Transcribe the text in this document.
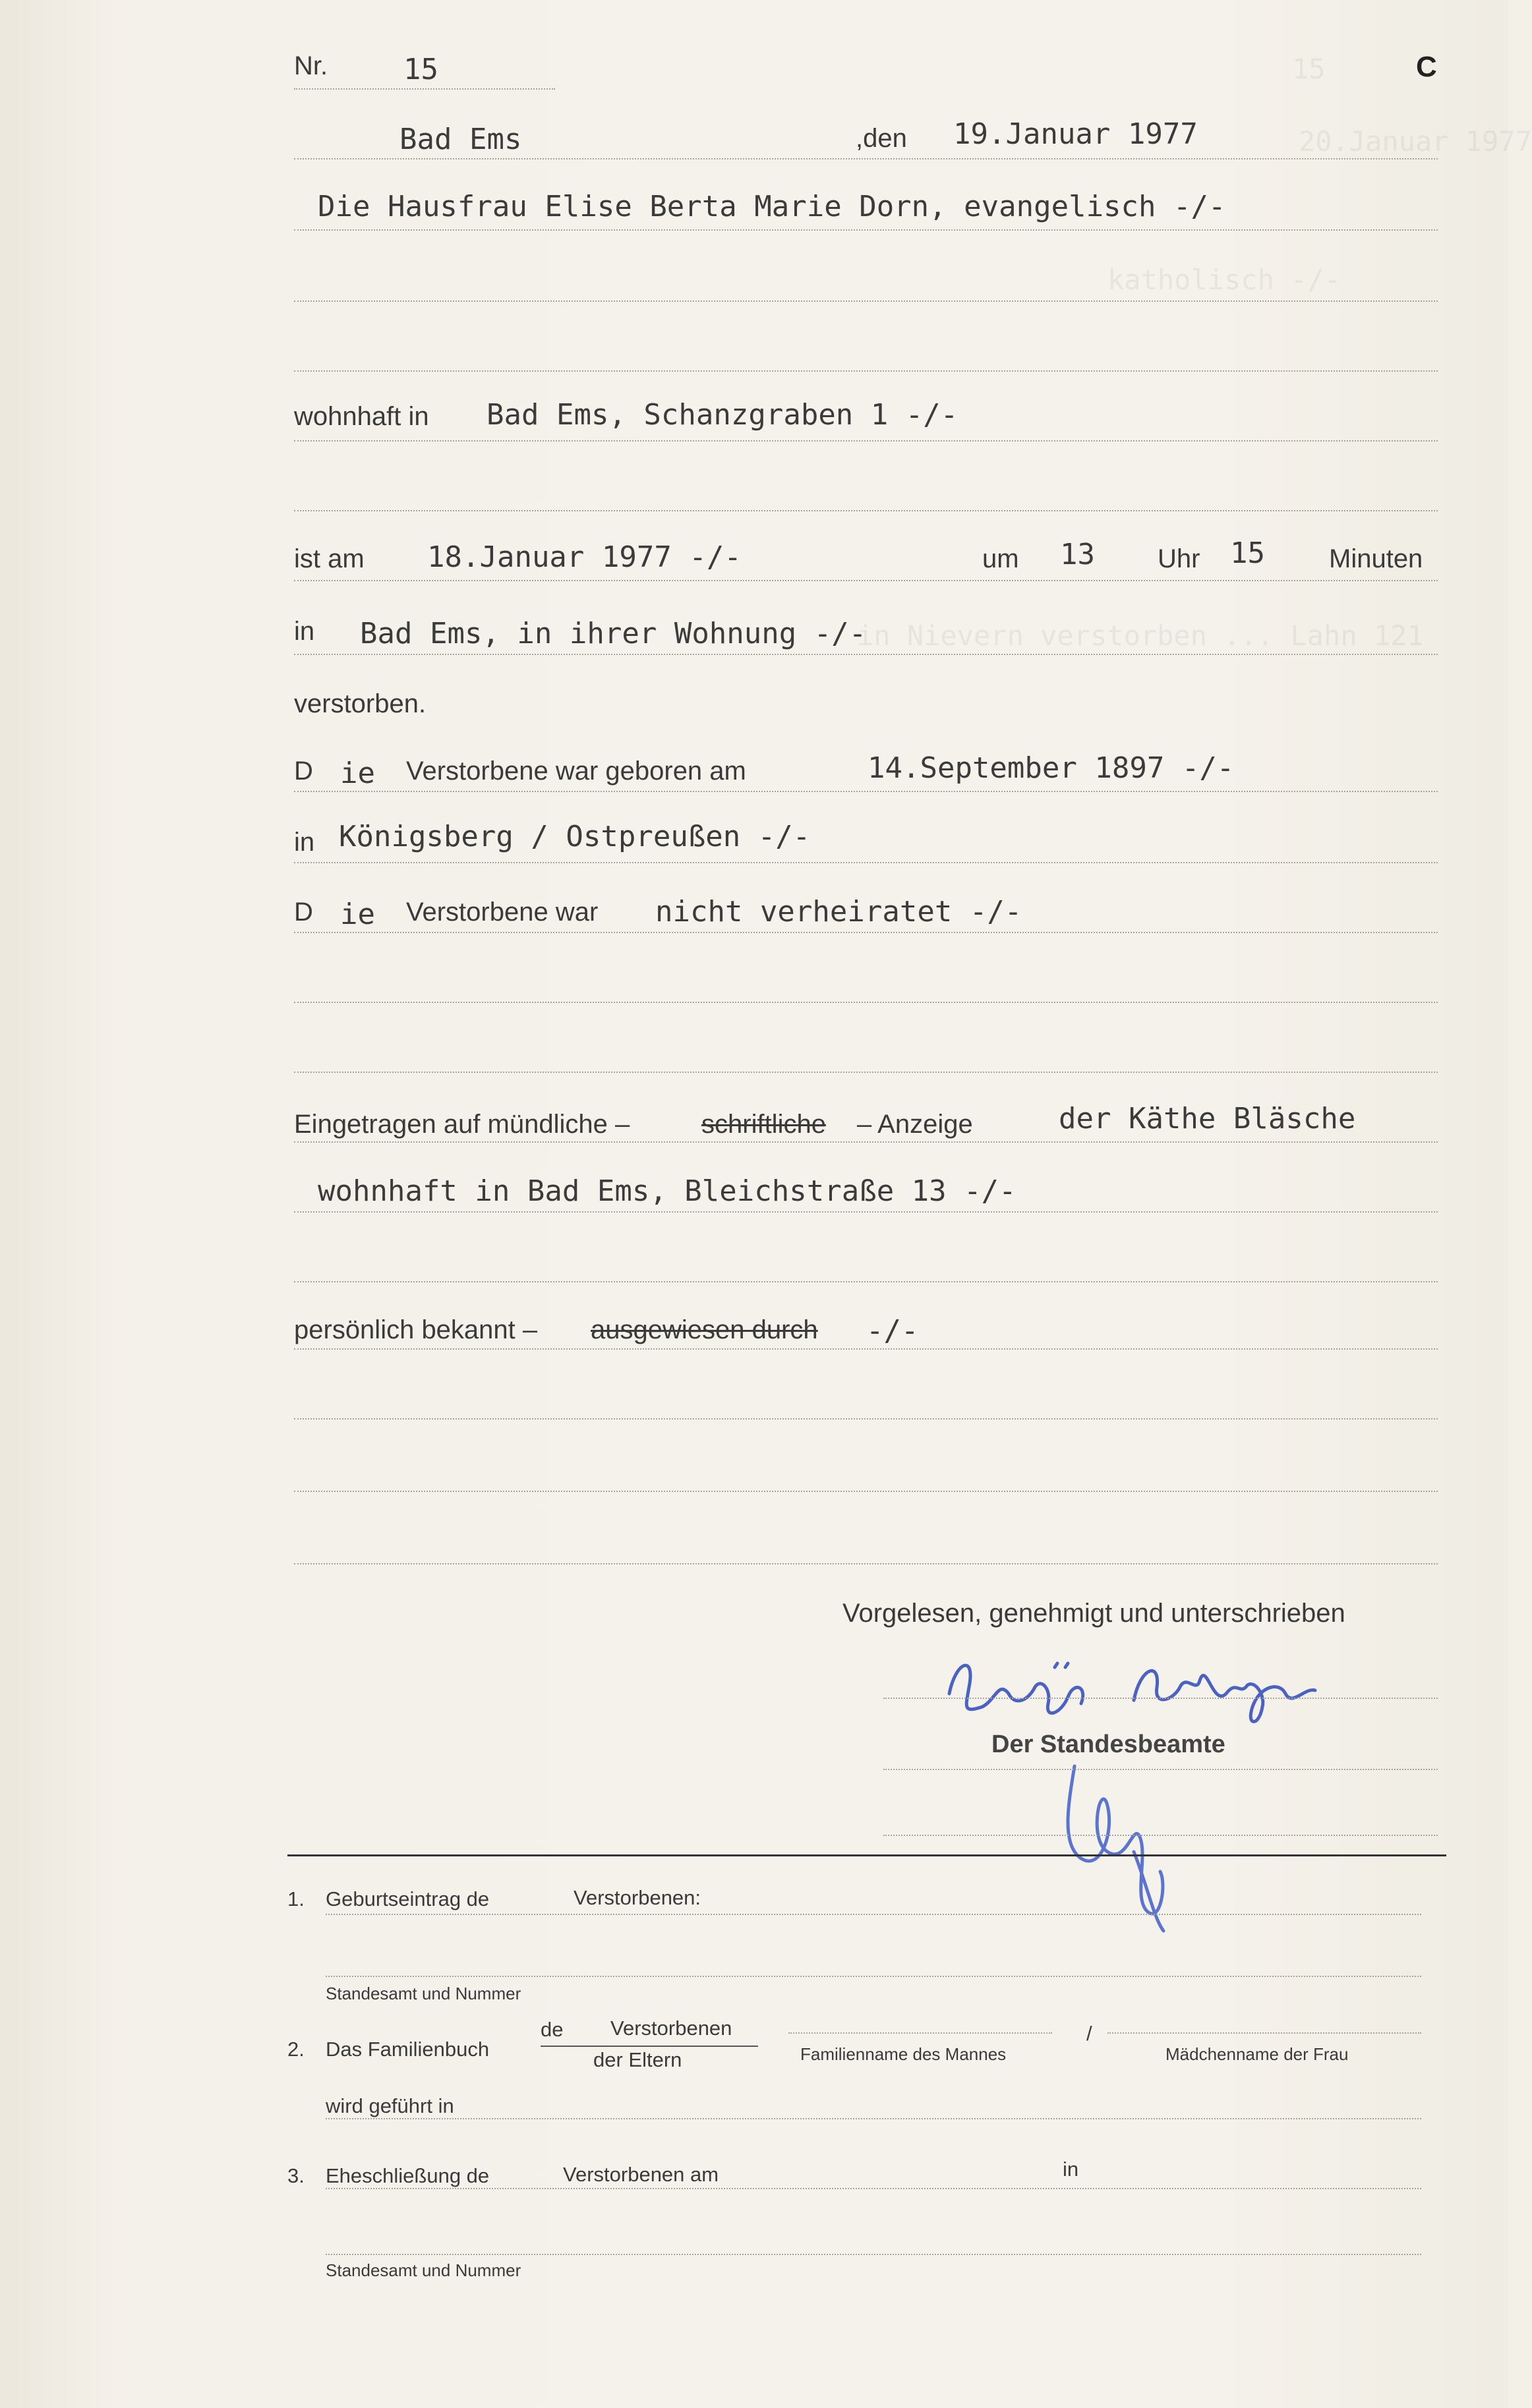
15
20.Januar 1977
katholisch -/-
in Nievern verstorben ... Lahn 121
Nr.	15	C
Bad Ems	,den 19.Januar 1977
Die Hausfrau Elise Berta Marie Dorn, evangelisch -/-
wohnhaft in Bad Ems, Schanzgraben 1 -/-
ist am 18.Januar 1977 -/-	um 13 Uhr 15 Minuten
in Bad Ems, in ihrer Wohnung -/-
verstorben.
D ie Verstorbene war geboren am	14.September 1897 -/-
in Königsberg / Ostpreußen -/-
D ie Verstorbene war nicht verheiratet -/-
Eingetragen auf mündliche –	schriftliche – Anzeige	der Käthe Bläsche
wohnhaft in Bad Ems, Bleichstraße 13 -/-
persönlich bekannt – ausgewiesen durch -/-
Vorgelesen, genehmigt und unterschrieben
Der Standesbeamte
1. Geburtseintrag de	Verstorbenen:
Standesamt und Nummer
2. Das Familienbuch
de Verstorbenen
der Eltern	Familienname des Mannes
/
Mädchenname der Frau
wird geführt in
3. Eheschließung de	Verstorbenen am	in
Standesamt und Nummer
